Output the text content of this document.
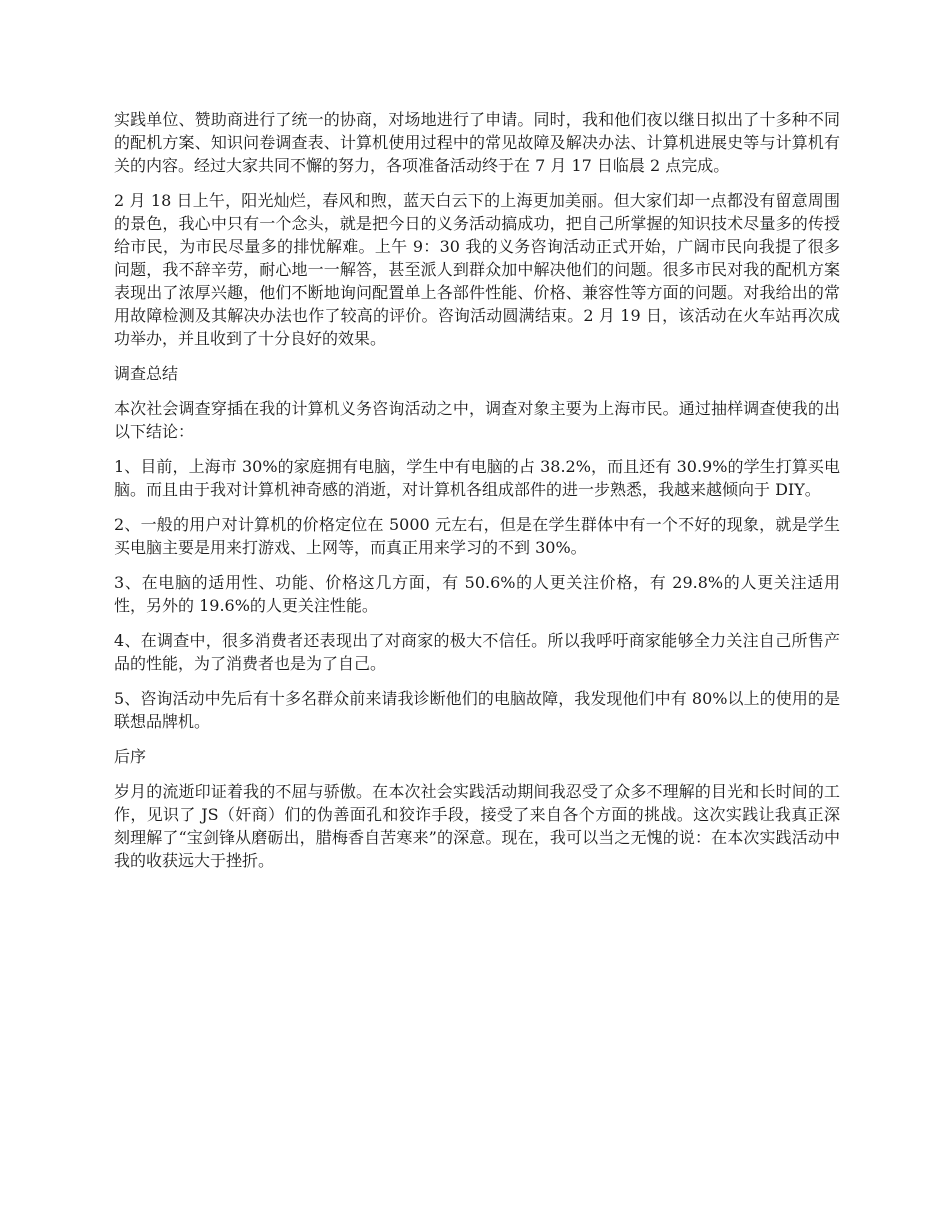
实践单位、赞助商进行了统一的协商，对场地进行了申请。同时，我和他们夜以继日拟出了十多种不同的配机方案、知识问卷调查表、计算机使用过程中的常见故障及解决办法、计算机进展史等与计算机有关的内容。经过大家共同不懈的努力，各项准备活动终于在 7 月 17 日临晨 2 点完成。

2 月 18 日上午，阳光灿烂，春风和煦，蓝天白云下的上海更加美丽。但大家们却一点都没有留意周围的景色，我心中只有一个念头，就是把今日的义务活动搞成功，把自己所掌握的知识技术尽量多的传授给市民，为市民尽量多的排忧解难。上午 9：30 我的义务咨询活动正式开始，广阔市民向我提了很多问题，我不辞辛劳，耐心地一一解答，甚至派人到群众加中解决他们的问题。很多市民对我的配机方案表现出了浓厚兴趣，他们不断地询问配置单上各部件性能、价格、兼容性等方面的问题。对我给出的常用故障检测及其解决办法也作了较高的评价。咨询活动圆满结束。2 月 19 日，该活动在火车站再次成功举办，并且收到了十分良好的效果。

调查总结

本次社会调查穿插在我的计算机义务咨询活动之中，调查对象主要为上海市民。通过抽样调查使我的出以下结论：

1、目前，上海市 30%的家庭拥有电脑，学生中有电脑的占 38.2%，而且还有 30.9%的学生打算买电脑。而且由于我对计算机神奇感的消逝，对计算机各组成部件的进一步熟悉，我越来越倾向于 DIY。

2、一般的用户对计算机的价格定位在 5000 元左右，但是在学生群体中有一个不好的现象，就是学生买电脑主要是用来打游戏、上网等，而真正用来学习的不到 30%。

3、在电脑的适用性、功能、价格这几方面，有 50.6%的人更关注价格，有 29.8%的人更关注适用性，另外的 19.6%的人更关注性能。

4、在调查中，很多消费者还表现出了对商家的极大不信任。所以我呼吁商家能够全力关注自己所售产品的性能，为了消费者也是为了自己。

5、咨询活动中先后有十多名群众前来请我诊断他们的电脑故障，我发现他们中有 80%以上的使用的是联想品牌机。

后序

岁月的流逝印证着我的不屈与骄傲。在本次社会实践活动期间我忍受了众多不理解的目光和长时间的工作，见识了 JS（奸商）们的伪善面孔和狡诈手段，接受了来自各个方面的挑战。这次实践让我真正深刻理解了“宝剑锋从磨砺出，腊梅香自苦寒来”的深意。现在，我可以当之无愧的说：在本次实践活动中我的收获远大于挫折。
